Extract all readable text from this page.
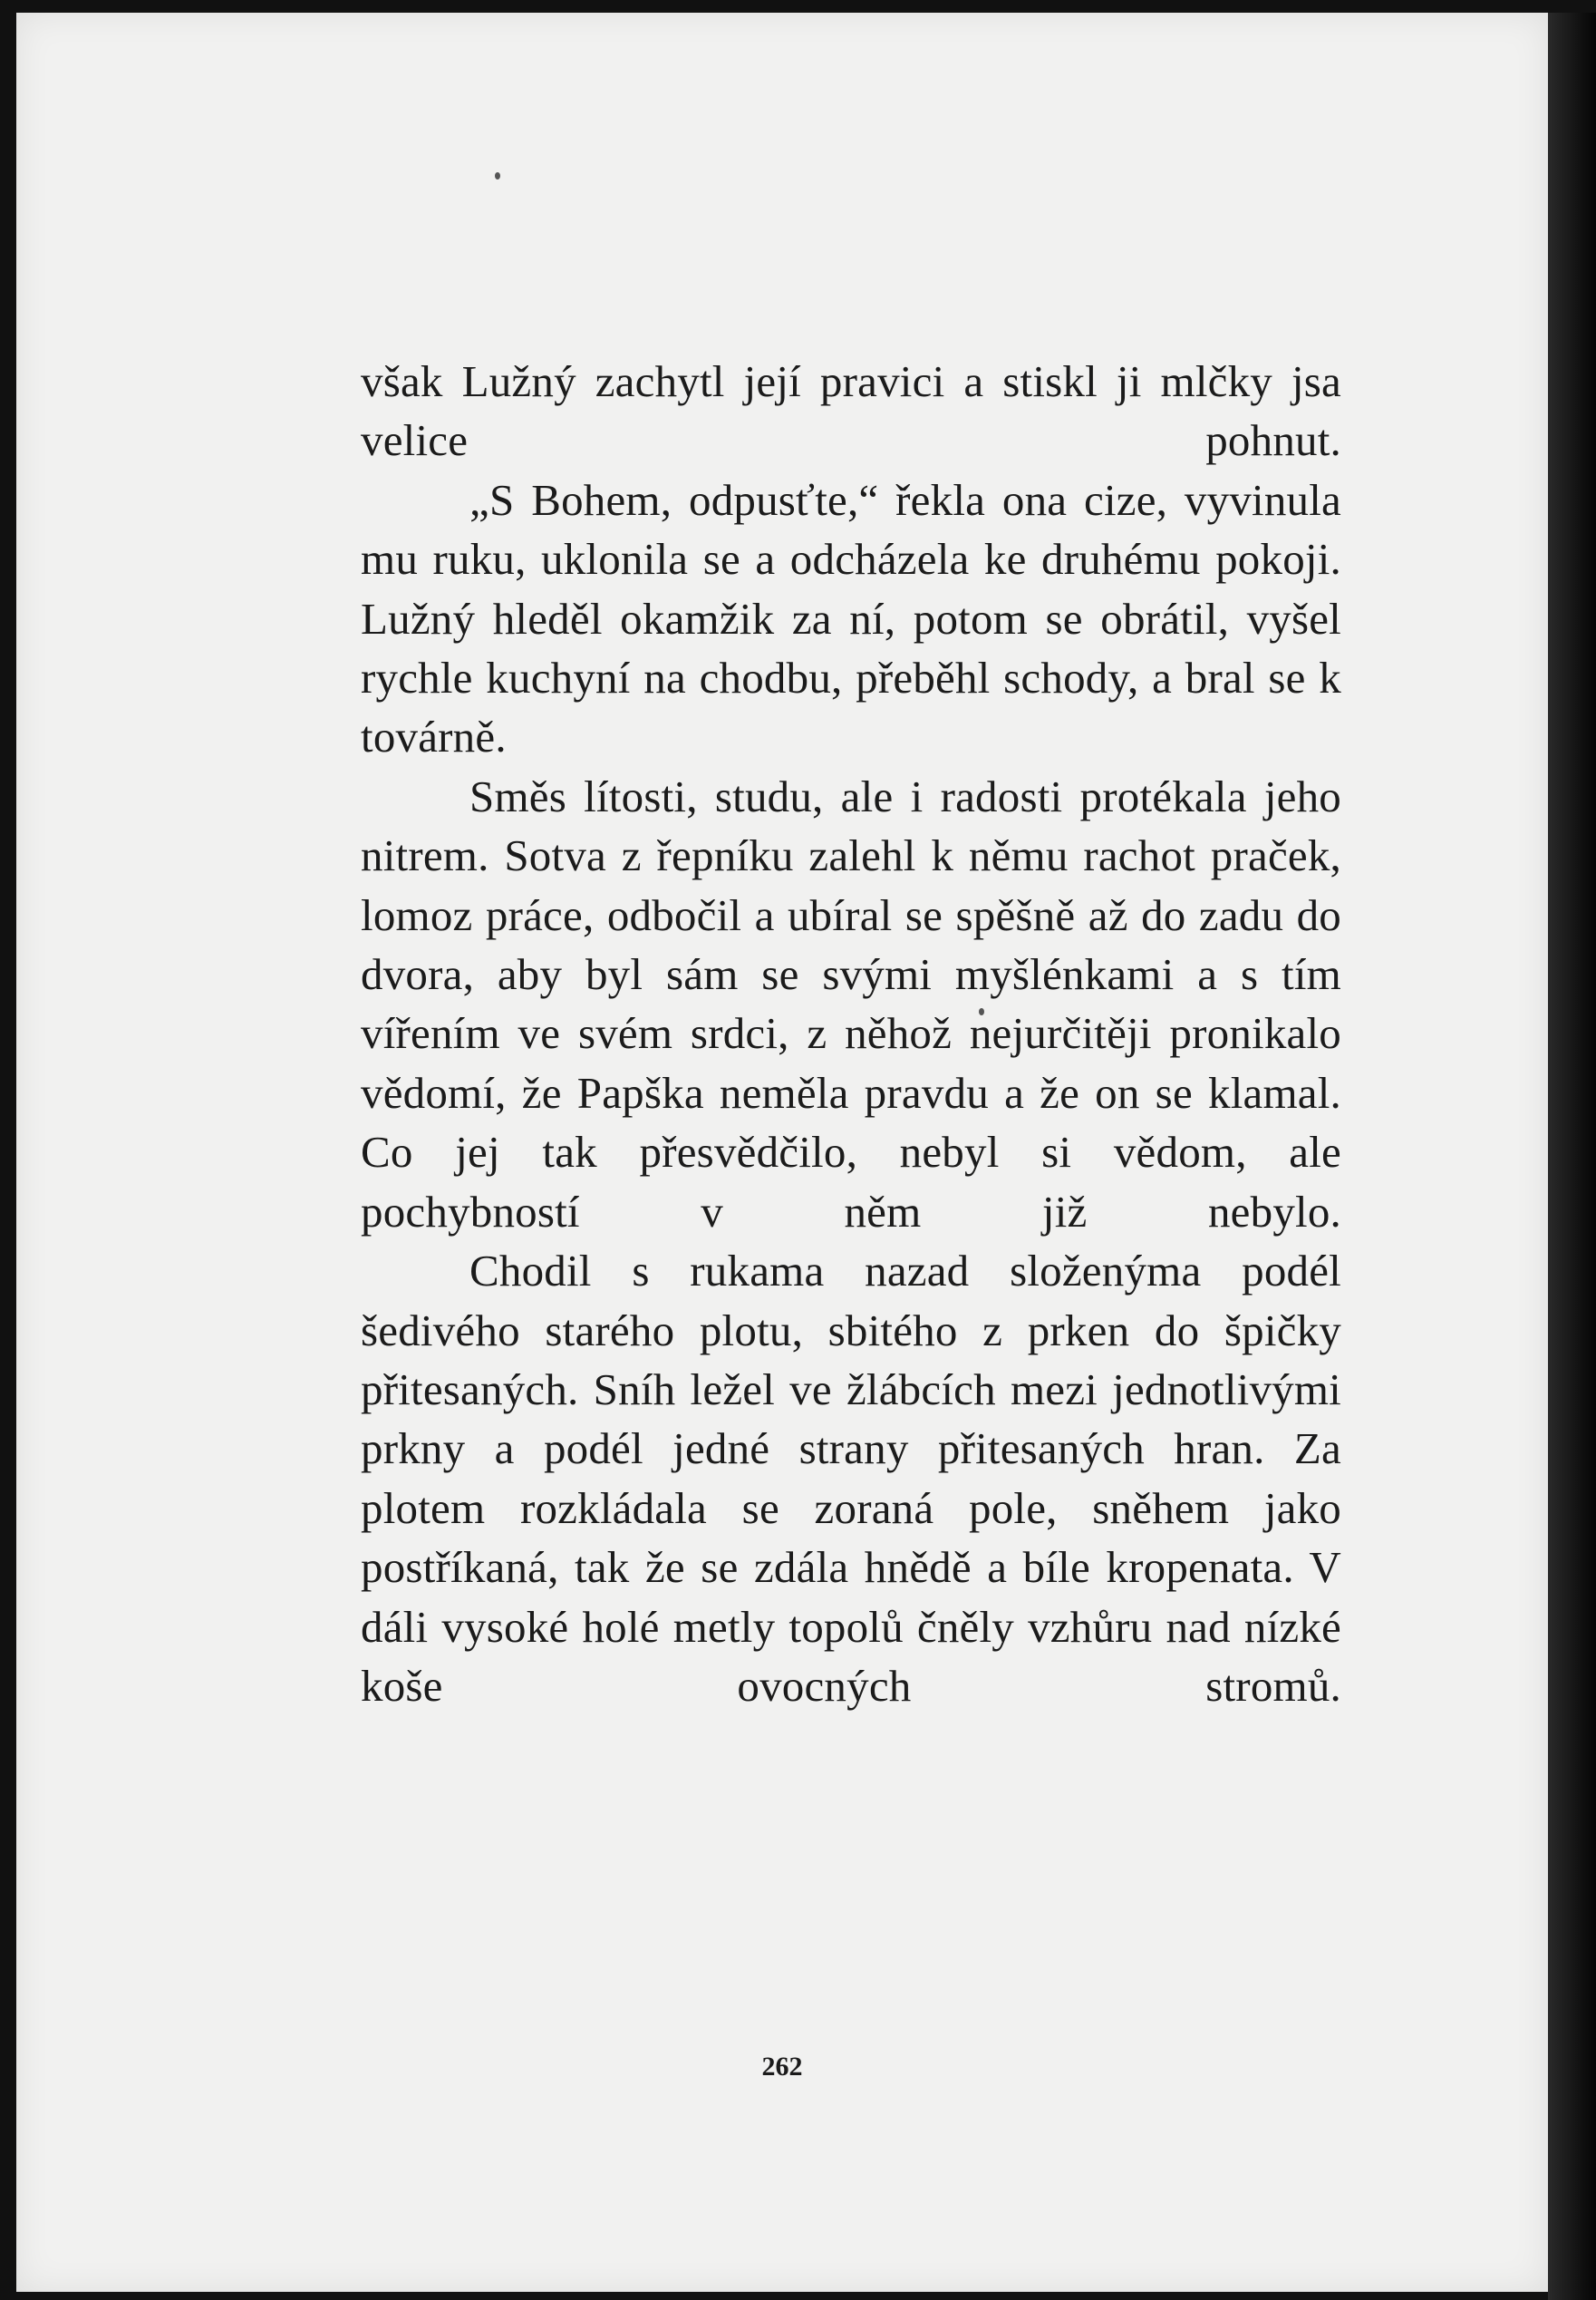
však Lužný zachytl její pravici a stiskl ji mlčky jsa velice pohnut.

„S Bohem, odpusťte,“ řekla ona cize, vyvinula mu ruku, uklonila se a odcházela ke druhému pokoji. Lužný hleděl okamžik za ní, potom se obrátil, vyšel rychle kuchyní na chodbu, přeběhl schody, a bral se k továrně.

Směs lítosti, studu, ale i radosti protékala jeho nitrem. Sotva z řepníku zalehl k němu rachot praček, lomoz práce, odbočil a ubíral se spěšně až do zadu do dvora, aby byl sám se svými myšlénkami a s tím vířením ve svém srdci, z něhož nejurčitěji pronikalo vědomí, že Papška neměla pravdu a že on se klamal. Co jej tak přesvědčilo, nebyl si vědom, ale pochybností v něm již nebylo.

Chodil s rukama nazad složenýma podél šedivého starého plotu, sbitého z prken do špičky přitesaných. Sníh ležel ve žlábcích mezi jednotlivými prkny a podél jedné strany přitesaných hran. Za plotem rozkládala se zoraná pole, sněhem jako postříkaná, tak že se zdála hnědě a bíle kropenata. V dáli vysoké holé metly topolů čněly vzhůru nad nízké koše ovocných stromů.

262
